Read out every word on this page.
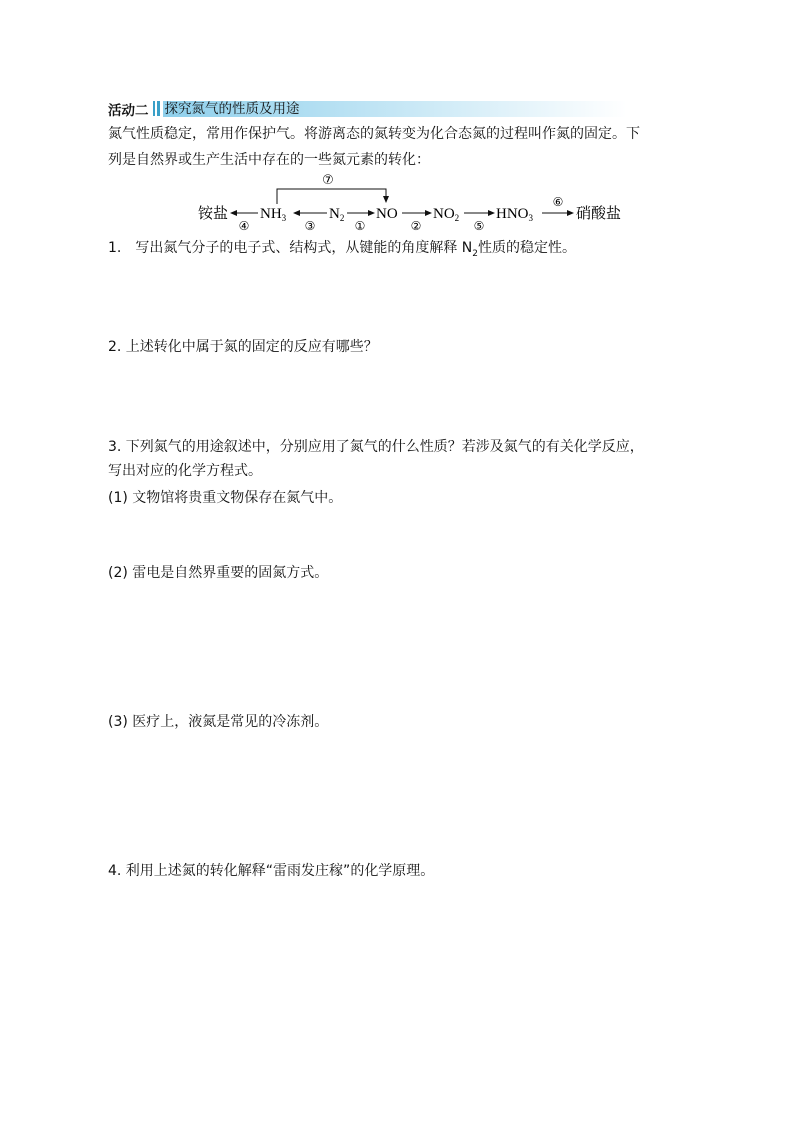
活动二 探究氮气的性质及用途
氮气性质稳定，常用作保护气。将游离态的氮转变为化合态氮的过程叫作氮的固定。下
列是自然界或生产生活中存在的一些氮元素的转化：
⑦
铵盐 $NH_3$	$N_2$ NO $NO_2$ $HNO_3$	硝酸盐
④	③	①	②	⑤
⑥
1.　写出氮气分子的电子式、结构式，从键能的角度解释 $N_2$性质的稳定性。
2. 上述转化中属于氮的固定的反应有哪些？
3. 下列氮气的用途叙述中，分别应用了氮气的什么性质？若涉及氮气的有关化学反应，
写出对应的化学方程式。
(1) 文物馆将贵重文物保存在氮气中。
(2) 雷电是自然界重要的固氮方式。
(3) 医疗上，液氮是常见的冷冻剂。
4. 利用上述氮的转化解释“雷雨发庄稼”的化学原理。
